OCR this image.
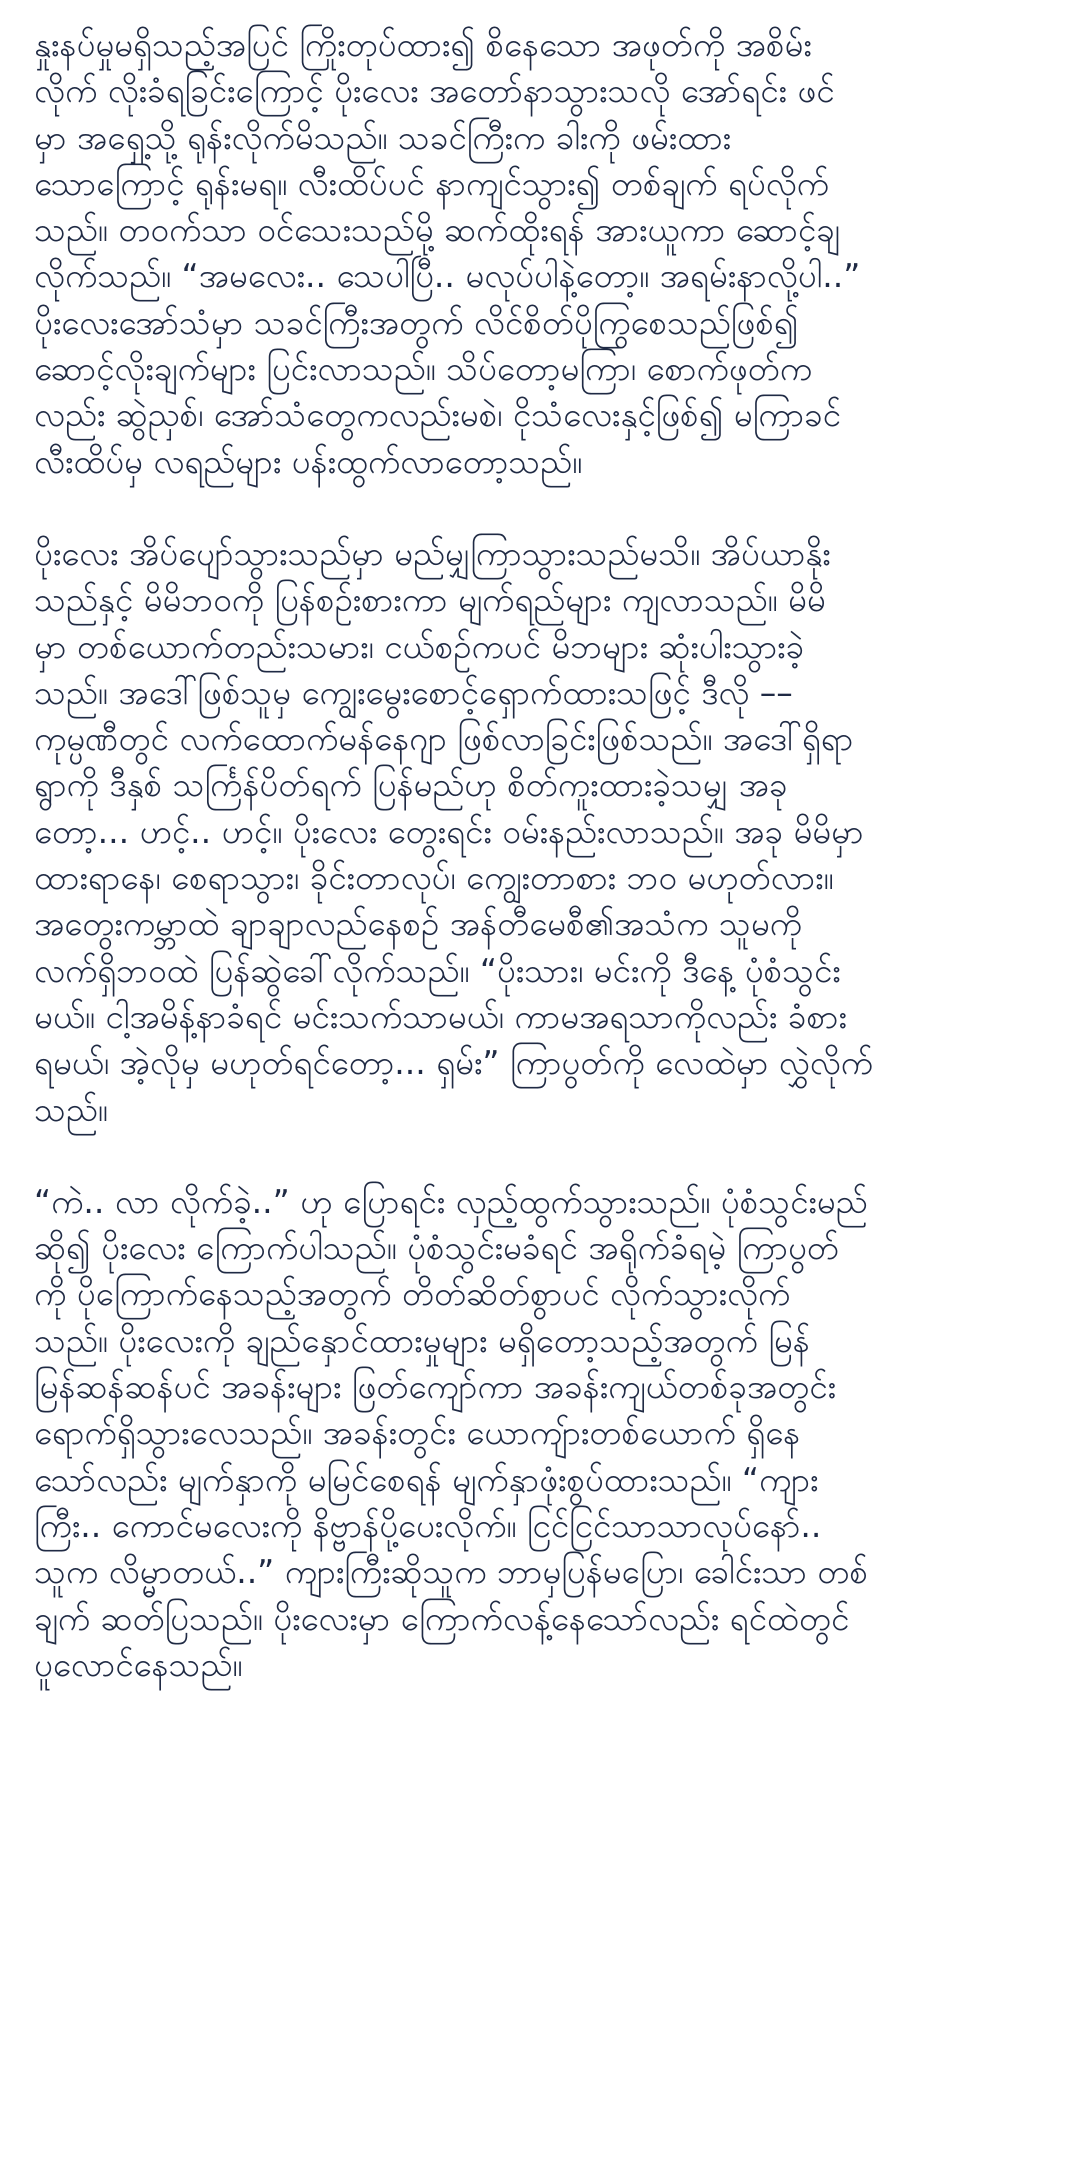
နှုးနပ်မှုမရှိသည့်အပြင် ကြိုးတုပ်ထား၍ စိနေသော အဖုတ်ကို အစိမ်း
လိုက် လိုးခံရခြင်းကြောင့် ပိုးလေး အတော်နာသွားသလို အော်ရင်း ဖင်
မှာ အရှေ့သို့ ရုန်းလိုက်မိသည်။ သခင်ကြီးက ခါးကို ဖမ်းထား
သောကြောင့် ရုန်းမရ။ လီးထိပ်ပင် နာကျင်သွား၍ တစ်ချက် ရပ်လိုက်
သည်။ တဝက်သာ ဝင်သေးသည်မို့ ဆက်ထိုးရန် အားယူကာ ဆောင့်ချ
လိုက်သည်။ “အမလေး.. သေပါပြီ.. မလုပ်ပါနဲ့တော့။ အရမ်းနာလို့ပါ..”
ပိုးလေးအော်သံမှာ သခင်ကြီးအတွက် လိင်စိတ်ပိုကြွစေသည်ဖြစ်၍
ဆောင့်လိုးချက်များ ပြင်းလာသည်။ သိပ်တော့မကြာ၊ စောက်ဖုတ်က
လည်း ဆွဲညှစ်၊ အော်သံတွေကလည်းမစဲ၊ ငိုသံလေးနှင့်ဖြစ်၍ မကြာခင်
လီးထိပ်မှ လရည်များ ပန်းထွက်လာတော့သည်။

ပိုးလေး အိပ်ပျော်သွားသည်မှာ မည်မျှကြာသွားသည်မသိ။ အိပ်ယာနိုး
သည်နှင့် မိမိဘဝကို ပြန်စဉ်းစားကာ မျက်ရည်များ ကျလာသည်။ မိမိ
မှာ တစ်ယောက်တည်းသမား၊ ငယ်စဉ်ကပင် မိဘများ ဆုံးပါးသွားခဲ့
သည်။ အဒေါ်ဖြစ်သူမှ ကျွေးမွေးစောင့်ရှောက်ထားသဖြင့် ဒီလို ––
ကုမ္ပဏီတွင် လက်ထောက်မန်နေဂျာ ဖြစ်လာခြင်းဖြစ်သည်။ အဒေါ်ရှိရာ
ရွာကို ဒီနှစ် သင်္ကြန်ပိတ်ရက် ပြန်မည်ဟု စိတ်ကူးထားခဲ့သမျှ အခု
တော့... ဟင့်.. ဟင့်။ ပိုးလေး တွေးရင်း ဝမ်းနည်းလာသည်။ အခု မိမိမှာ
ထားရာနေ၊ စေရာသွား၊ ခိုင်းတာလုပ်၊ ကျွေးတာစား ဘဝ မဟုတ်လား။
အတွေးကမ္ဘာထဲ ချာချာလည်နေစဉ် အန်တီမေစီ၏အသံက သူမကို
လက်ရှိဘဝထဲ ပြန်ဆွဲခေါ်လိုက်သည်။ “ပိုးသား၊ မင်းကို ဒီနေ့ ပုံစံသွင်း
မယ်။ ငါ့အမိန့်နာခံရင် မင်းသက်သာမယ်၊ ကာမအရသာကိုလည်း ခံစား
ရမယ်၊ အဲ့လိုမှ မဟုတ်ရင်တော့... ရှမ်း” ကြာပွတ်ကို လေထဲမှာ လွှဲလိုက်
သည်။

“ကဲ.. လာ လိုက်ခဲ့..” ဟု ပြောရင်း လှည့်ထွက်သွားသည်။ ပုံစံသွင်းမည်
ဆို၍ ပိုးလေး ကြောက်ပါသည်။ ပုံစံသွင်းမခံရင် အရိုက်ခံရမဲ့ ကြာပွတ်
ကို ပိုကြောက်နေသည့်အတွက် တိတ်ဆိတ်စွာပင် လိုက်သွားလိုက်
သည်။ ပိုးလေးကို ချည်နှောင်ထားမှုများ မရှိတော့သည့်အတွက် မြန်
မြန်ဆန်ဆန်ပင် အခန်းများ ဖြတ်ကျော်ကာ အခန်းကျယ်တစ်ခုအတွင်း
ရောက်ရှိသွားလေသည်။ အခန်းတွင်း ယောကျ်ားတစ်ယောက် ရှိနေ
သော်လည်း မျက်နှာကို မမြင်စေရန် မျက်နှာဖုံးစွပ်ထားသည်။ “ကျား
ကြီး.. ကောင်မလေးကို နိဗ္ဗာန်ပို့ပေးလိုက်။ ငြင်ငြင်သာသာလုပ်နော်..
သူက လိမ္မာတယ်..” ကျားကြီးဆိုသူက ဘာမှပြန်မပြော၊ ခေါင်းသာ တစ်
ချက် ဆတ်ပြသည်။ ပိုးလေးမှာ ကြောက်လန့်နေသော်လည်း ရင်ထဲတွင်
ပူလောင်နေသည်။
